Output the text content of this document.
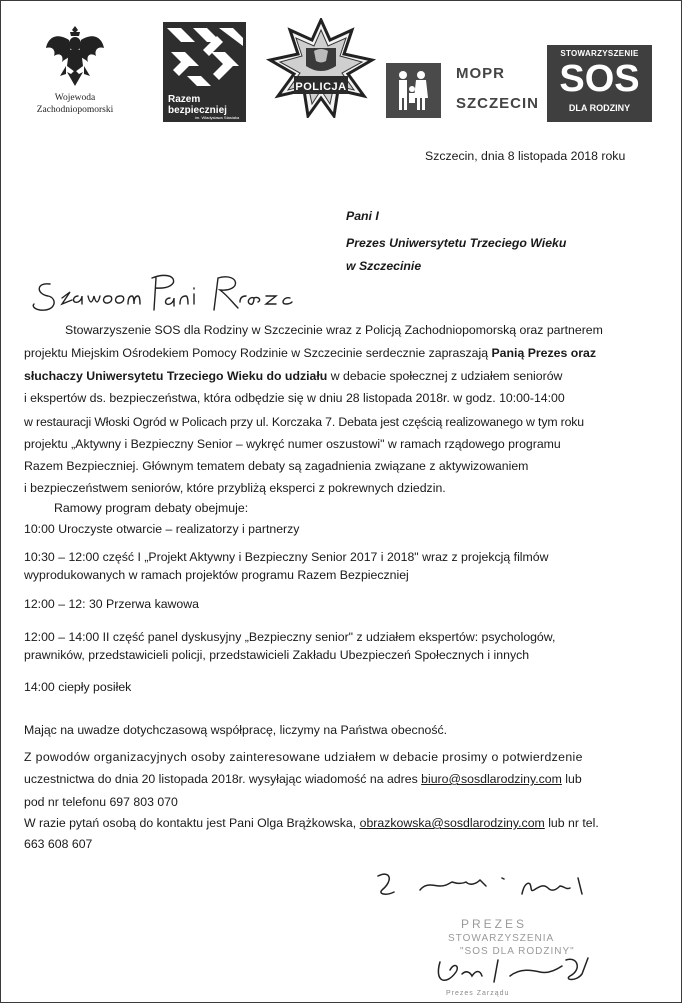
Wojewoda
Zachodniopomorski
Razem
bezpieczniej
im. Władysława Stasiaka
POLICJA
MOPR
SZCZECIN
STOWARZYSZENIE
SOS
DLA RODZINY
Szczecin, dnia 8 listopada 2018 roku
Pani I
Prezes Uniwersytetu Trzeciego Wieku
w Szczecinie
Stowarzyszenie SOS dla Rodziny w Szczecinie wraz z Policją Zachodniopomorską oraz partnerem
projektu Miejskim Ośrodekiem Pomocy Rodzinie w Szczecinie serdecznie zapraszają Panią Prezes oraz
słuchaczy Uniwersytetu Trzeciego Wieku do udziału w debacie społecznej z udziałem seniorów
i ekspertów ds. bezpieczeństwa, która odbędzie się w dniu 28 listopada 2018r. w godz. 10:00-14:00
w restauracji Włoski Ogród w Policach przy ul. Korczaka 7. Debata jest częścią realizowanego w tym roku
projektu „Aktywny i Bezpieczny Senior – wykręć numer oszustowi" w ramach rządowego programu
Razem Bezpieczniej. Głównym tematem debaty są zagadnienia związane z aktywizowaniem
i bezpieczeństwem seniorów, które przybliżą eksperci z pokrewnych dziedzin.
Ramowy program debaty obejmuje:
10:00 Uroczyste otwarcie – realizatorzy i partnerzy
10:30 – 12:00 część I „Projekt Aktywny i Bezpieczny Senior 2017 i 2018" wraz z projekcją filmów
wyprodukowanych w ramach projektów programu Razem Bezpieczniej
12:00 – 12: 30 Przerwa kawowa
12:00 – 14:00 II część panel dyskusyjny „Bezpieczny senior" z udziałem ekspertów: psychologów,
prawników, przedstawicieli policji, przedstawicieli Zakładu Ubezpieczeń Społecznych i innych
14:00 ciepły posiłek
Mając na uwadze dotychczasową współpracę, liczymy na Państwa obecność.
Z powodów organizacyjnych osoby zainteresowane udziałem w debacie prosimy o potwierdzenie
uczestnictwa do dnia 20 listopada 2018r. wysyłając wiadomość na adres biuro@sosdlarodziny.com lub
pod nr telefonu 697 803 070
W razie pytań osobą do kontaktu jest Pani Olga Brążkowska, obrazkowska@sosdlarodziny.com lub nr tel.
663 608 607
PREZES
STOWARZYSZENIA
"SOS DLA RODZINY"
Prezes Zarządu
